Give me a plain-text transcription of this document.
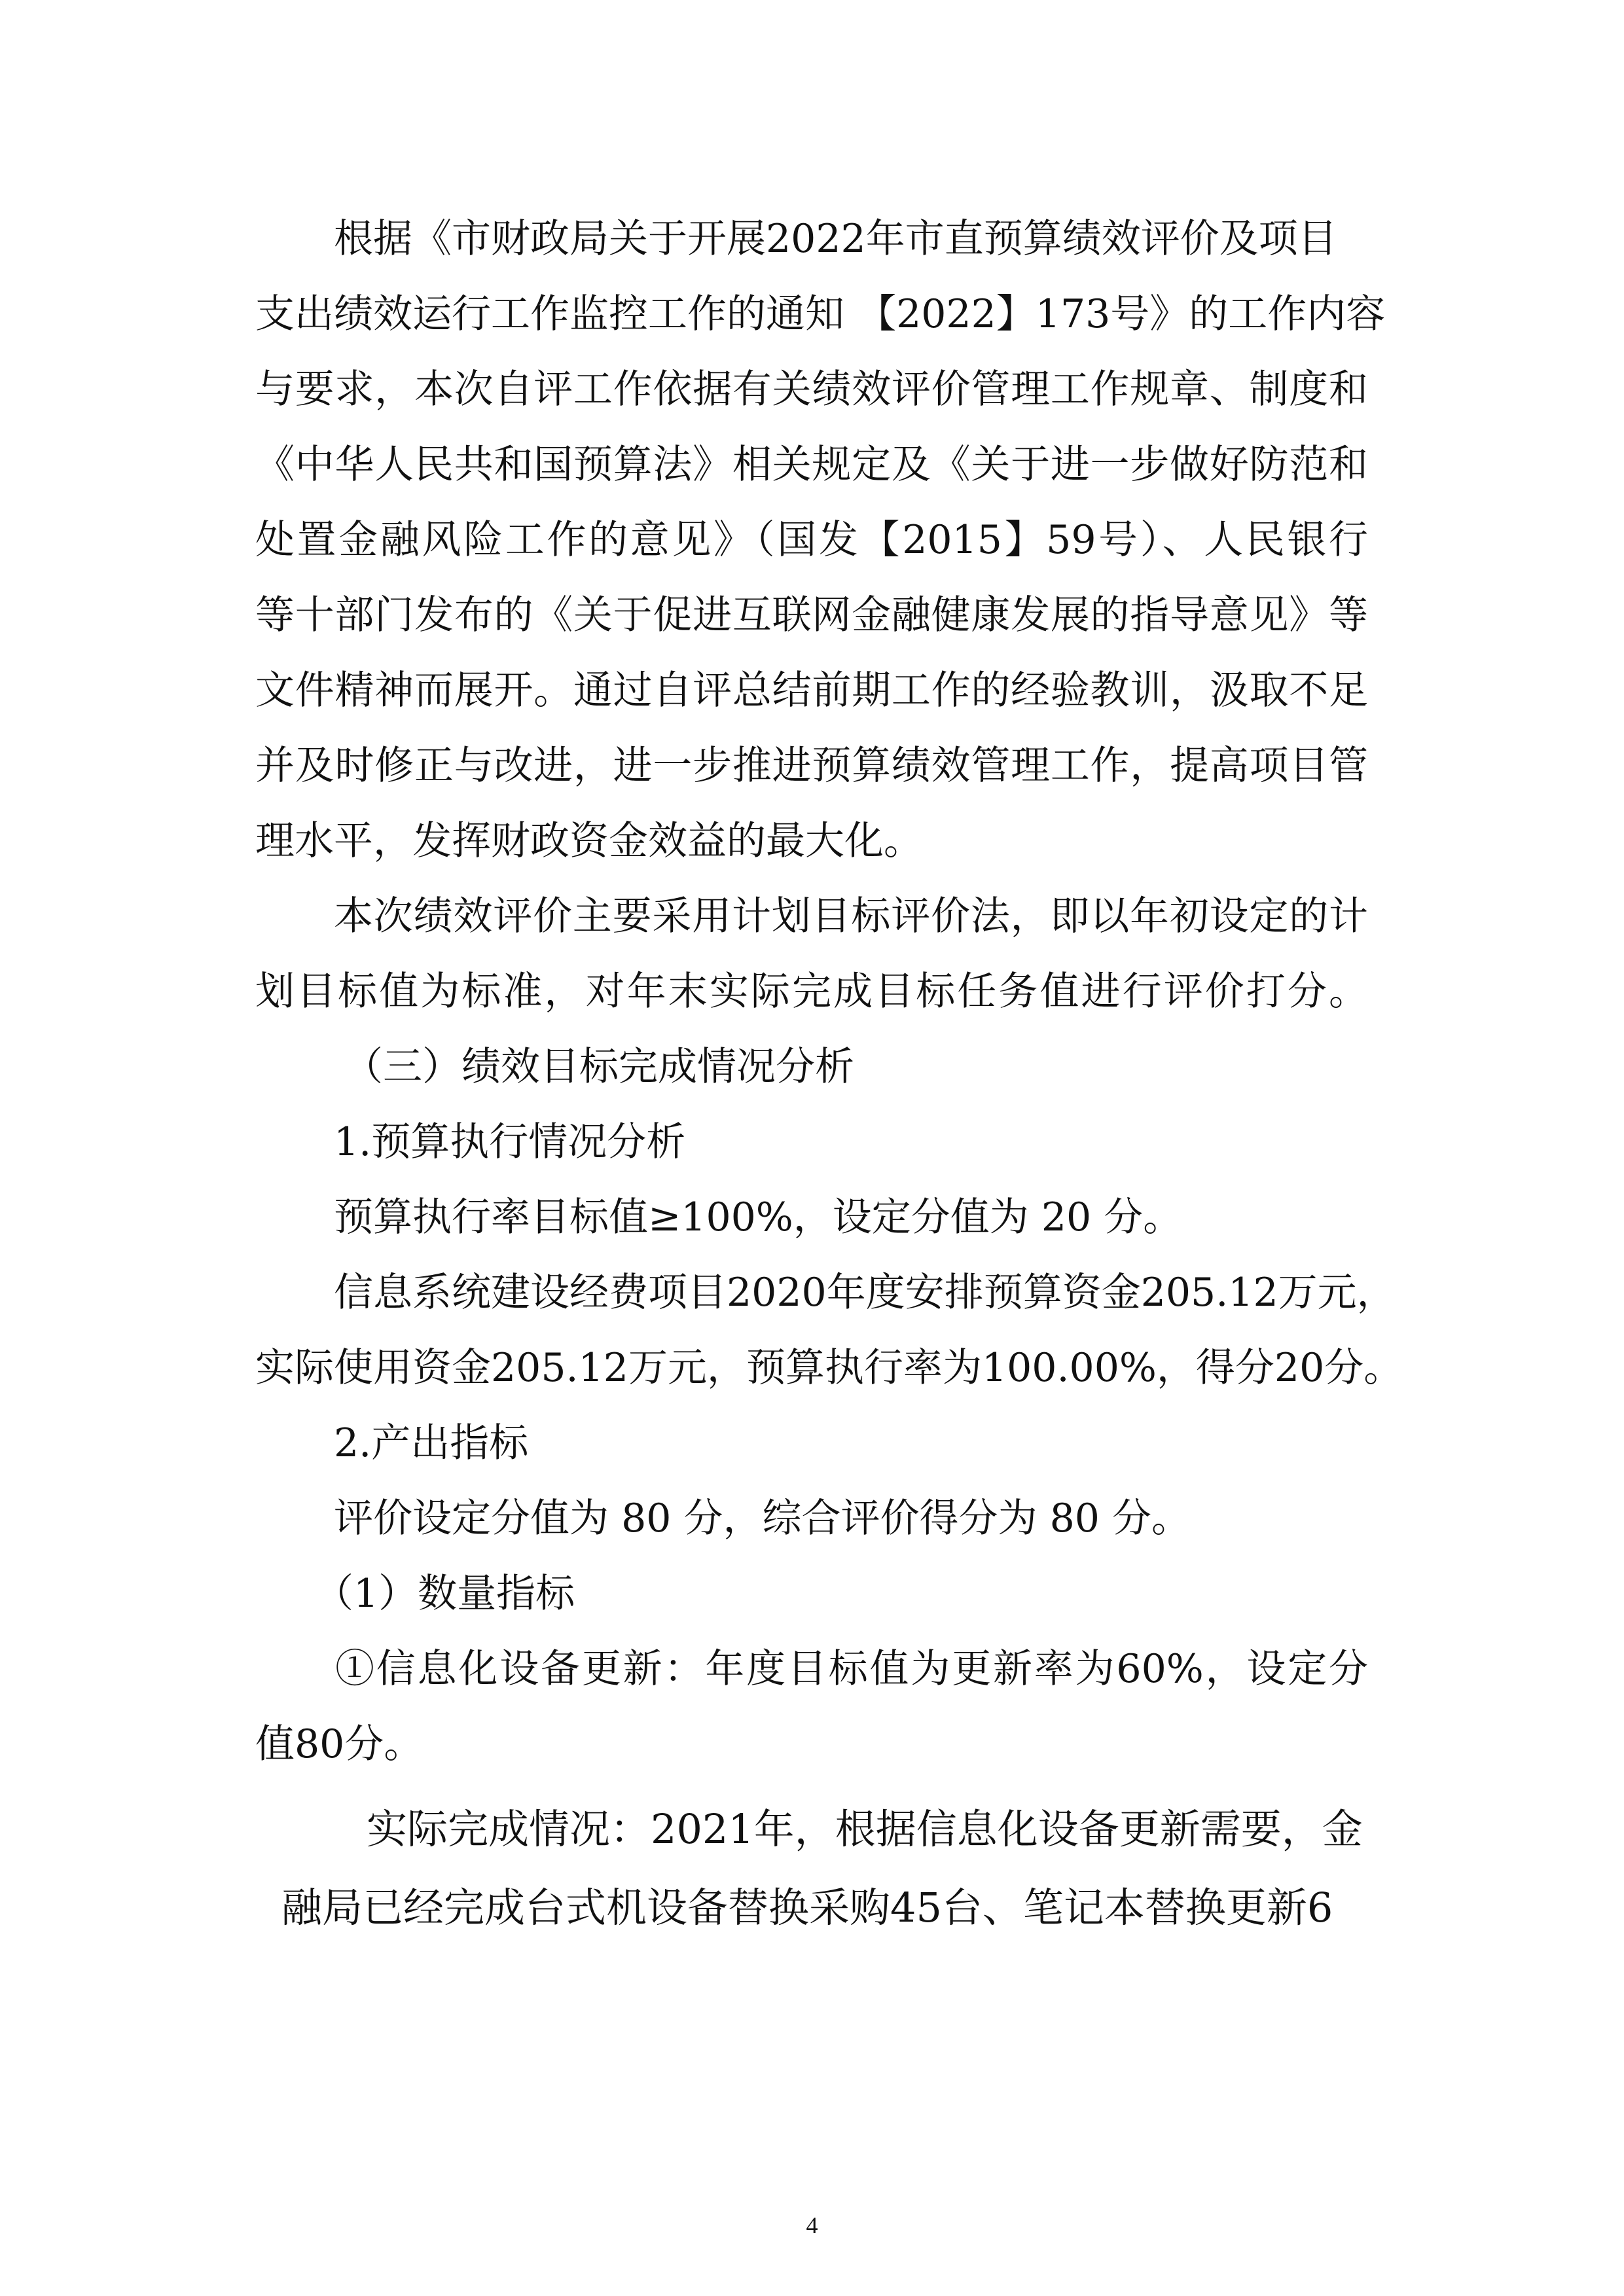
根据《市财政局关于开展2022年市直预算绩效评价及项目
支出绩效运行工作监控工作的通知 【2022】173号》的工作内容
与要求，本次自评工作依据有关绩效评价管理工作规章、制度和
《中华人民共和国预算法》相关规定及《关于进一步做好防范和
处置金融风险工作的意见》（国发【2015】59号）、人民银行
等十部门发布的《关于促进互联网金融健康发展的指导意见》等
文件精神而展开。通过自评总结前期工作的经验教训，汲取不足
并及时修正与改进，进一步推进预算绩效管理工作，提高项目管
理水平，发挥财政资金效益的最大化。
本次绩效评价主要采用计划目标评价法，即以年初设定的计
划目标值为标准，对年末实际完成目标任务值进行评价打分。
（三）绩效目标完成情况分析
1.预算执行情况分析
预算执行率目标值≥100%，设定分值为 20 分。
信息系统建设经费项目2020年度安排预算资金205.12万元，
实际使用资金205.12万元，预算执行率为100.00%，得分20分。
2.产出指标
评价设定分值为 80 分，综合评价得分为 80 分。
（1）数量指标
①信息化设备更新：年度目标值为更新率为60%，设定分
值80分。
实际完成情况：2021年，根据信息化设备更新需要，金
融局已经完成台式机设备替换采购45台、笔记本替换更新6
4
